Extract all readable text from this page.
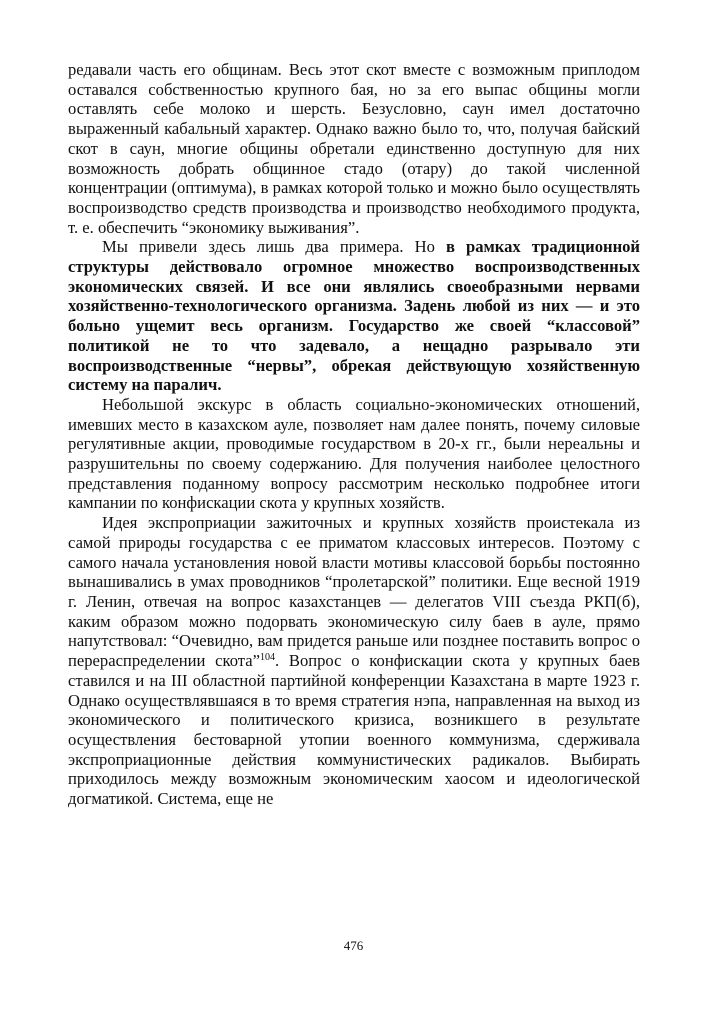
редавали часть его общинам. Весь этот скот вместе с возможным приплодом оставался собственностью крупного бая, но за его выпас общины могли оставлять себе молоко и шерсть. Безусловно, саун имел достаточно выраженный кабальный характер. Однако важно было то, что, получая байский скот в саун, многие общины обретали единственно доступную для них возможность добрать общинное стадо (отару) до такой численной концентрации (оптимума), в рамках которой только и можно было осуществлять воспроизводство средств производства и производство необходимого продукта, т. е. обеспечить “экономику выживания”.

Мы привели здесь лишь два примера. Но в рамках традиционной структуры действовало огромное множество воспроизводственных экономических связей. И все они являлись своеобразными нервами хозяйственно-технологического организма. Задень любой из них — и это больно ущемит весь организм. Государство же своей “классовой” политикой не то что задевало, а нещадно разрывало эти воспроизводственные “нервы”, обрекая действующую хозяйственную систему на паралич.

Небольшой экскурс в область социально-экономических отношений, имевших место в казахском ауле, позволяет нам далее понять, почему силовые регулятивные акции, проводимые государством в 20-х гг., были нереальны и разрушительны по своему содержанию. Для получения наиболее целостного представления поданному вопросу рассмотрим несколько подробнее итоги кампании по конфискации скота у крупных хозяйств.

Идея экспроприации зажиточных и крупных хозяйств проистекала из самой природы государства с ее приматом классовых интересов. Поэтому с самого начала установления новой власти мотивы классовой борьбы постоянно вынашивались в умах проводников “пролетарской” политики. Еще весной 1919 г. Ленин, отвечая на вопрос казахстанцев — делегатов VIII съезда РКП(б), каким образом можно подорвать экономическую силу баев в ауле, прямо напутствовал: “Очевидно, вам придется раньше или позднее поставить вопрос о перераспределении скота”$^{104}$. Вопрос о конфискации скота у крупных баев ставился и на III областной партийной конференции Казахстана в марте 1923 г. Однако осуществлявшаяся в то время стратегия нэпа, направленная на выход из экономического и политического кризиса, возникшего в результате осуществления бестоварной утопии военного коммунизма, сдерживала экспроприационные действия коммунистических радикалов. Выбирать приходилось между возможным экономическим хаосом и идеологической догматикой. Система, еще не

476
